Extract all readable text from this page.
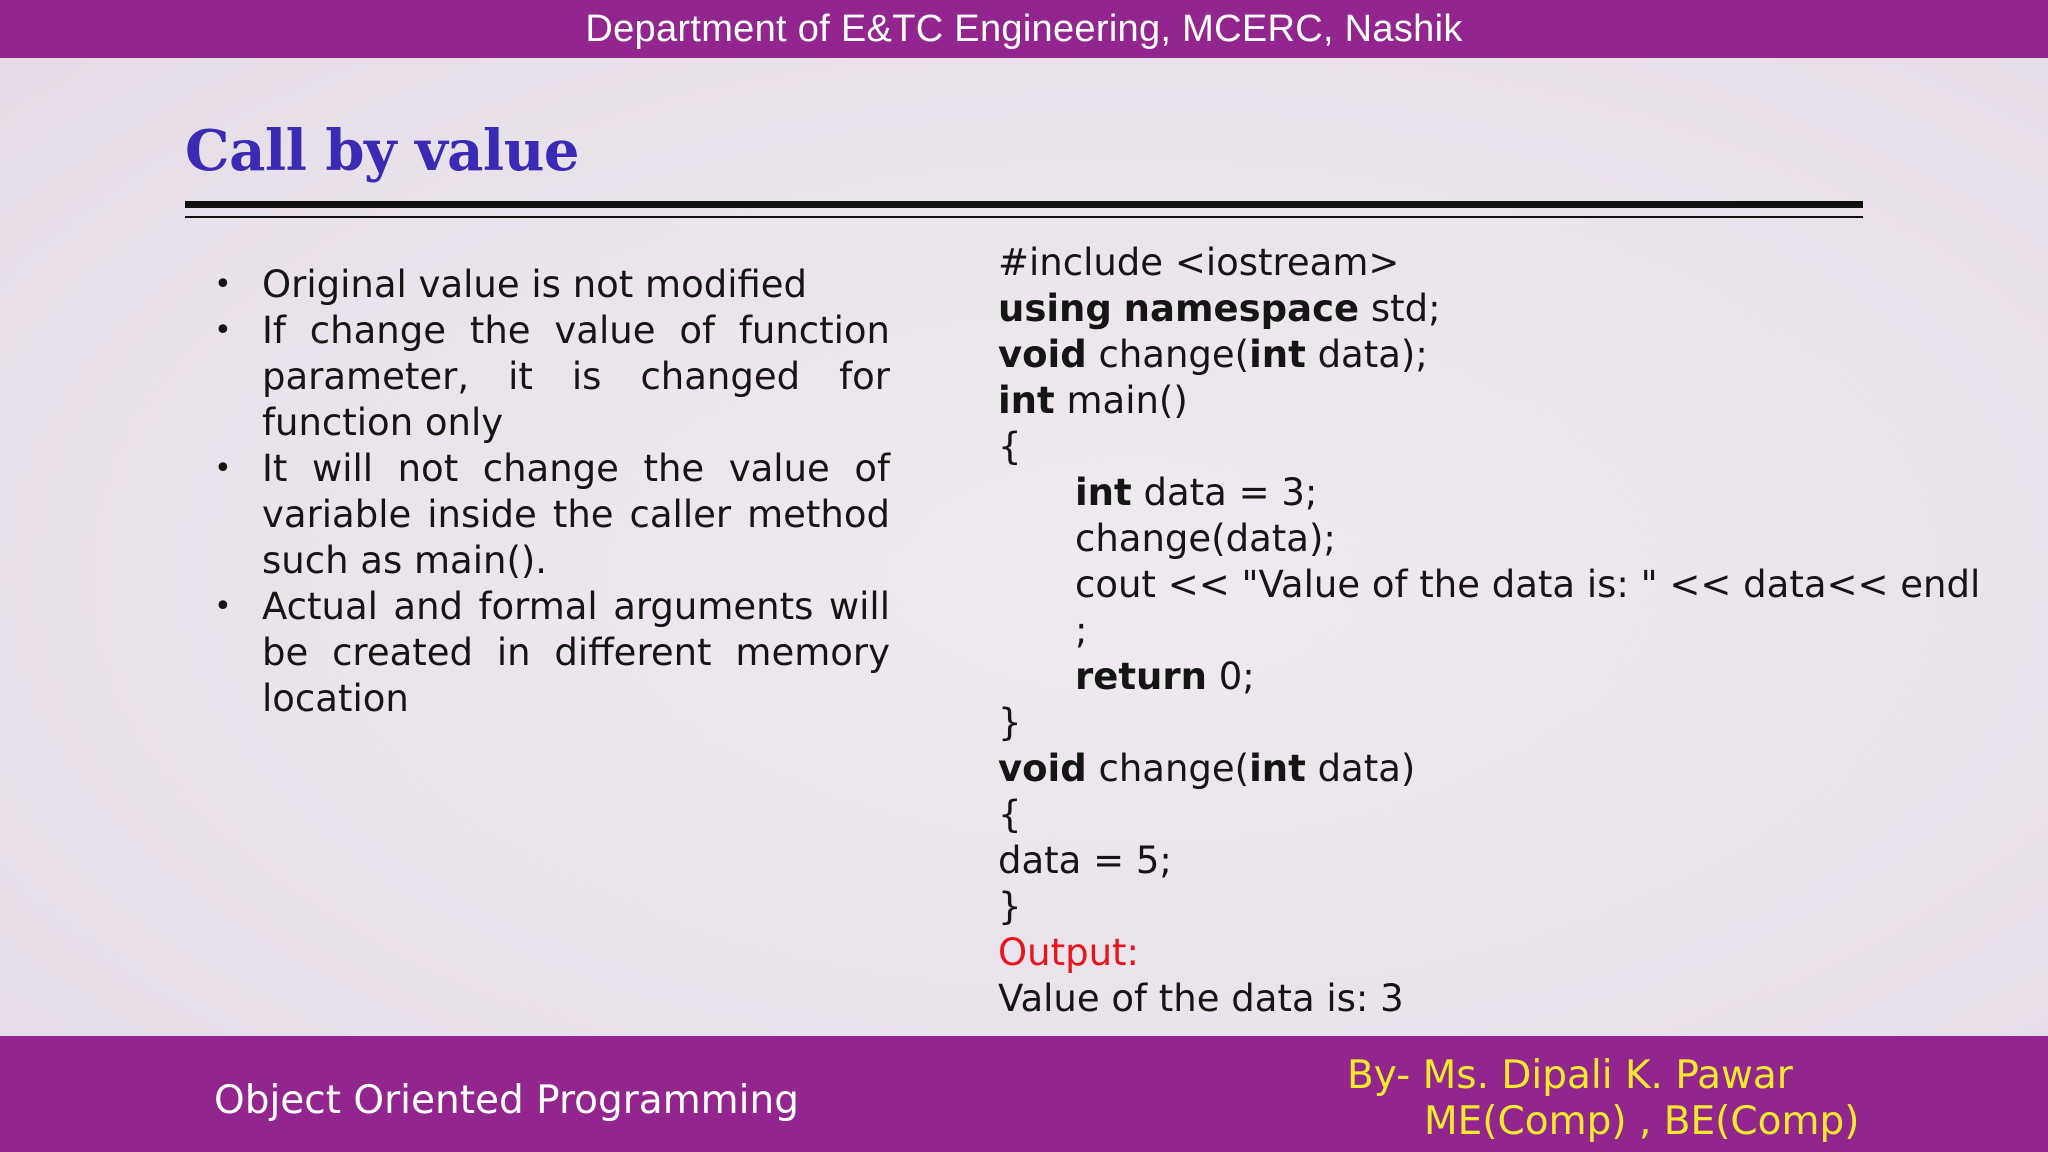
Department of E&TC Engineering, MCERC, Nashik
Call by value
• Original value is not modified
• If change the value of function parameter, it is changed for function only
• It will not change the value of variable inside the caller method such as main().
• Actual and formal arguments will be created in different memory location
#include <iostream>
using namespace std;
void change(int data);
int main()
{
int data = 3;
change(data);
cout << "Value of the data is: " << data<< endl
;
return 0;
}
void change(int data)
{
data = 5;
}
Output:
Value of the data is: 3
Object Oriented Programming
By- Ms. Dipali K. Pawar
ME(Comp) , BE(Comp)
